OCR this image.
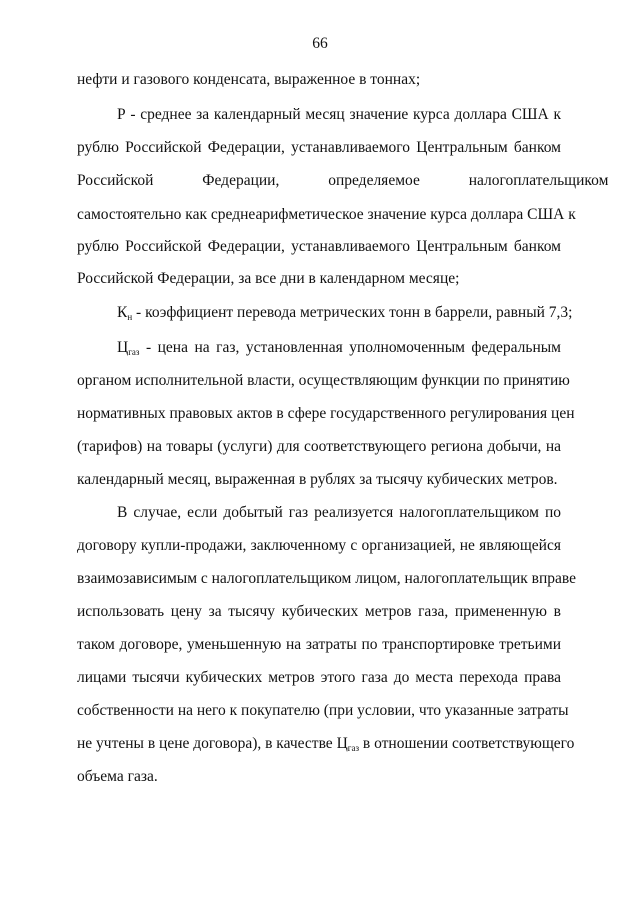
66
нефти и газового конденсата, выраженное в тоннах;
Р - среднее за календарный месяц значение курса доллара США к
рублю Российской Федерации, устанавливаемого Центральным банком
Российской Федерации, определяемое налогоплательщиком
самостоятельно как среднеарифметическое значение курса доллара США к
рублю Российской Федерации, устанавливаемого Центральным банком
Российской Федерации, за все дни в календарном месяце;
$К_н$ - коэффициент перевода метрических тонн в баррели, равный 7,3;
$Ц_{газ}$ - цена на газ, установленная уполномоченным федеральным
органом исполнительной власти, осуществляющим функции по принятию
нормативных правовых актов в сфере государственного регулирования цен
(тарифов) на товары (услуги) для соответствующего региона добычи, на
календарный месяц, выраженная в рублях за тысячу кубических метров.
В случае, если добытый газ реализуется налогоплательщиком по
договору купли-продажи, заключенному с организацией, не являющейся
взаимозависимым с налогоплательщиком лицом, налогоплательщик вправе
использовать цену за тысячу кубических метров газа, примененную в
таком договоре, уменьшенную на затраты по транспортировке третьими
лицами тысячи кубических метров этого газа до места перехода права
собственности на него к покупателю (при условии, что указанные затраты
не учтены в цене договора), в качестве $Ц_{газ}$ в отношении соответствующего
объема газа.
